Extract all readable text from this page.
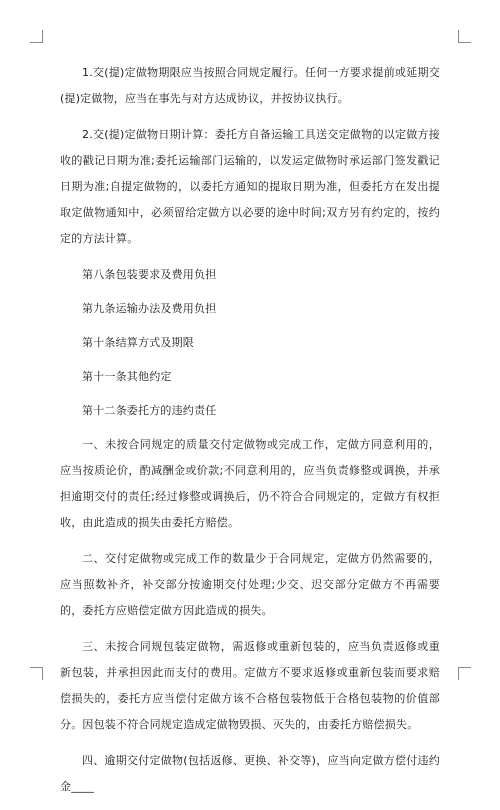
1.交(提)定做物期限应当按照合同规定履行。任何一方要求提前或延期交(提)定做物，应当在事先与对方达成协议，并按协议执行。

2.交(提)定做物日期计算：委托方自备运输工具送交定做物的以定做方接收的戳记日期为准;委托运输部门运输的，以发运定做物时承运部门签发戳记日期为准;自提定做物的，以委托方通知的提取日期为准，但委托方在发出提取定做物通知中，必须留给定做方以必要的途中时间;双方另有约定的，按约定的方法计算。

第八条包装要求及费用负担

第九条运输办法及费用负担

第十条结算方式及期限

第十一条其他约定

第十二条委托方的违约责任

一、未按合同规定的质量交付定做物或完成工作，定做方同意利用的，应当按质论价，酌减酬金或价款;不同意利用的，应当负责修整或调换，并承担逾期交付的责任;经过修整或调换后，仍不符合合同规定的，定做方有权拒收，由此造成的损失由委托方赔偿。

二、交付定做物或完成工作的数量少于合同规定，定做方仍然需要的，应当照数补齐，补交部分按逾期交付处理;少交、迟交部分定做方不再需要的，委托方应赔偿定做方因此造成的损失。

三、未按合同规包装定做物，需返修或重新包装的，应当负责返修或重新包装，并承担因此而支付的费用。定做方不要求返修或重新包装而要求赔偿损失的，委托方应当偿付定做方该不合格包装物低于合格包装物的价值部分。因包装不符合同规定造成定做物毁损、灭失的，由委托方赔偿损失。

四、逾期交付定做物(包括返修、更换、补交等)，应当向定做方偿付违约金____
